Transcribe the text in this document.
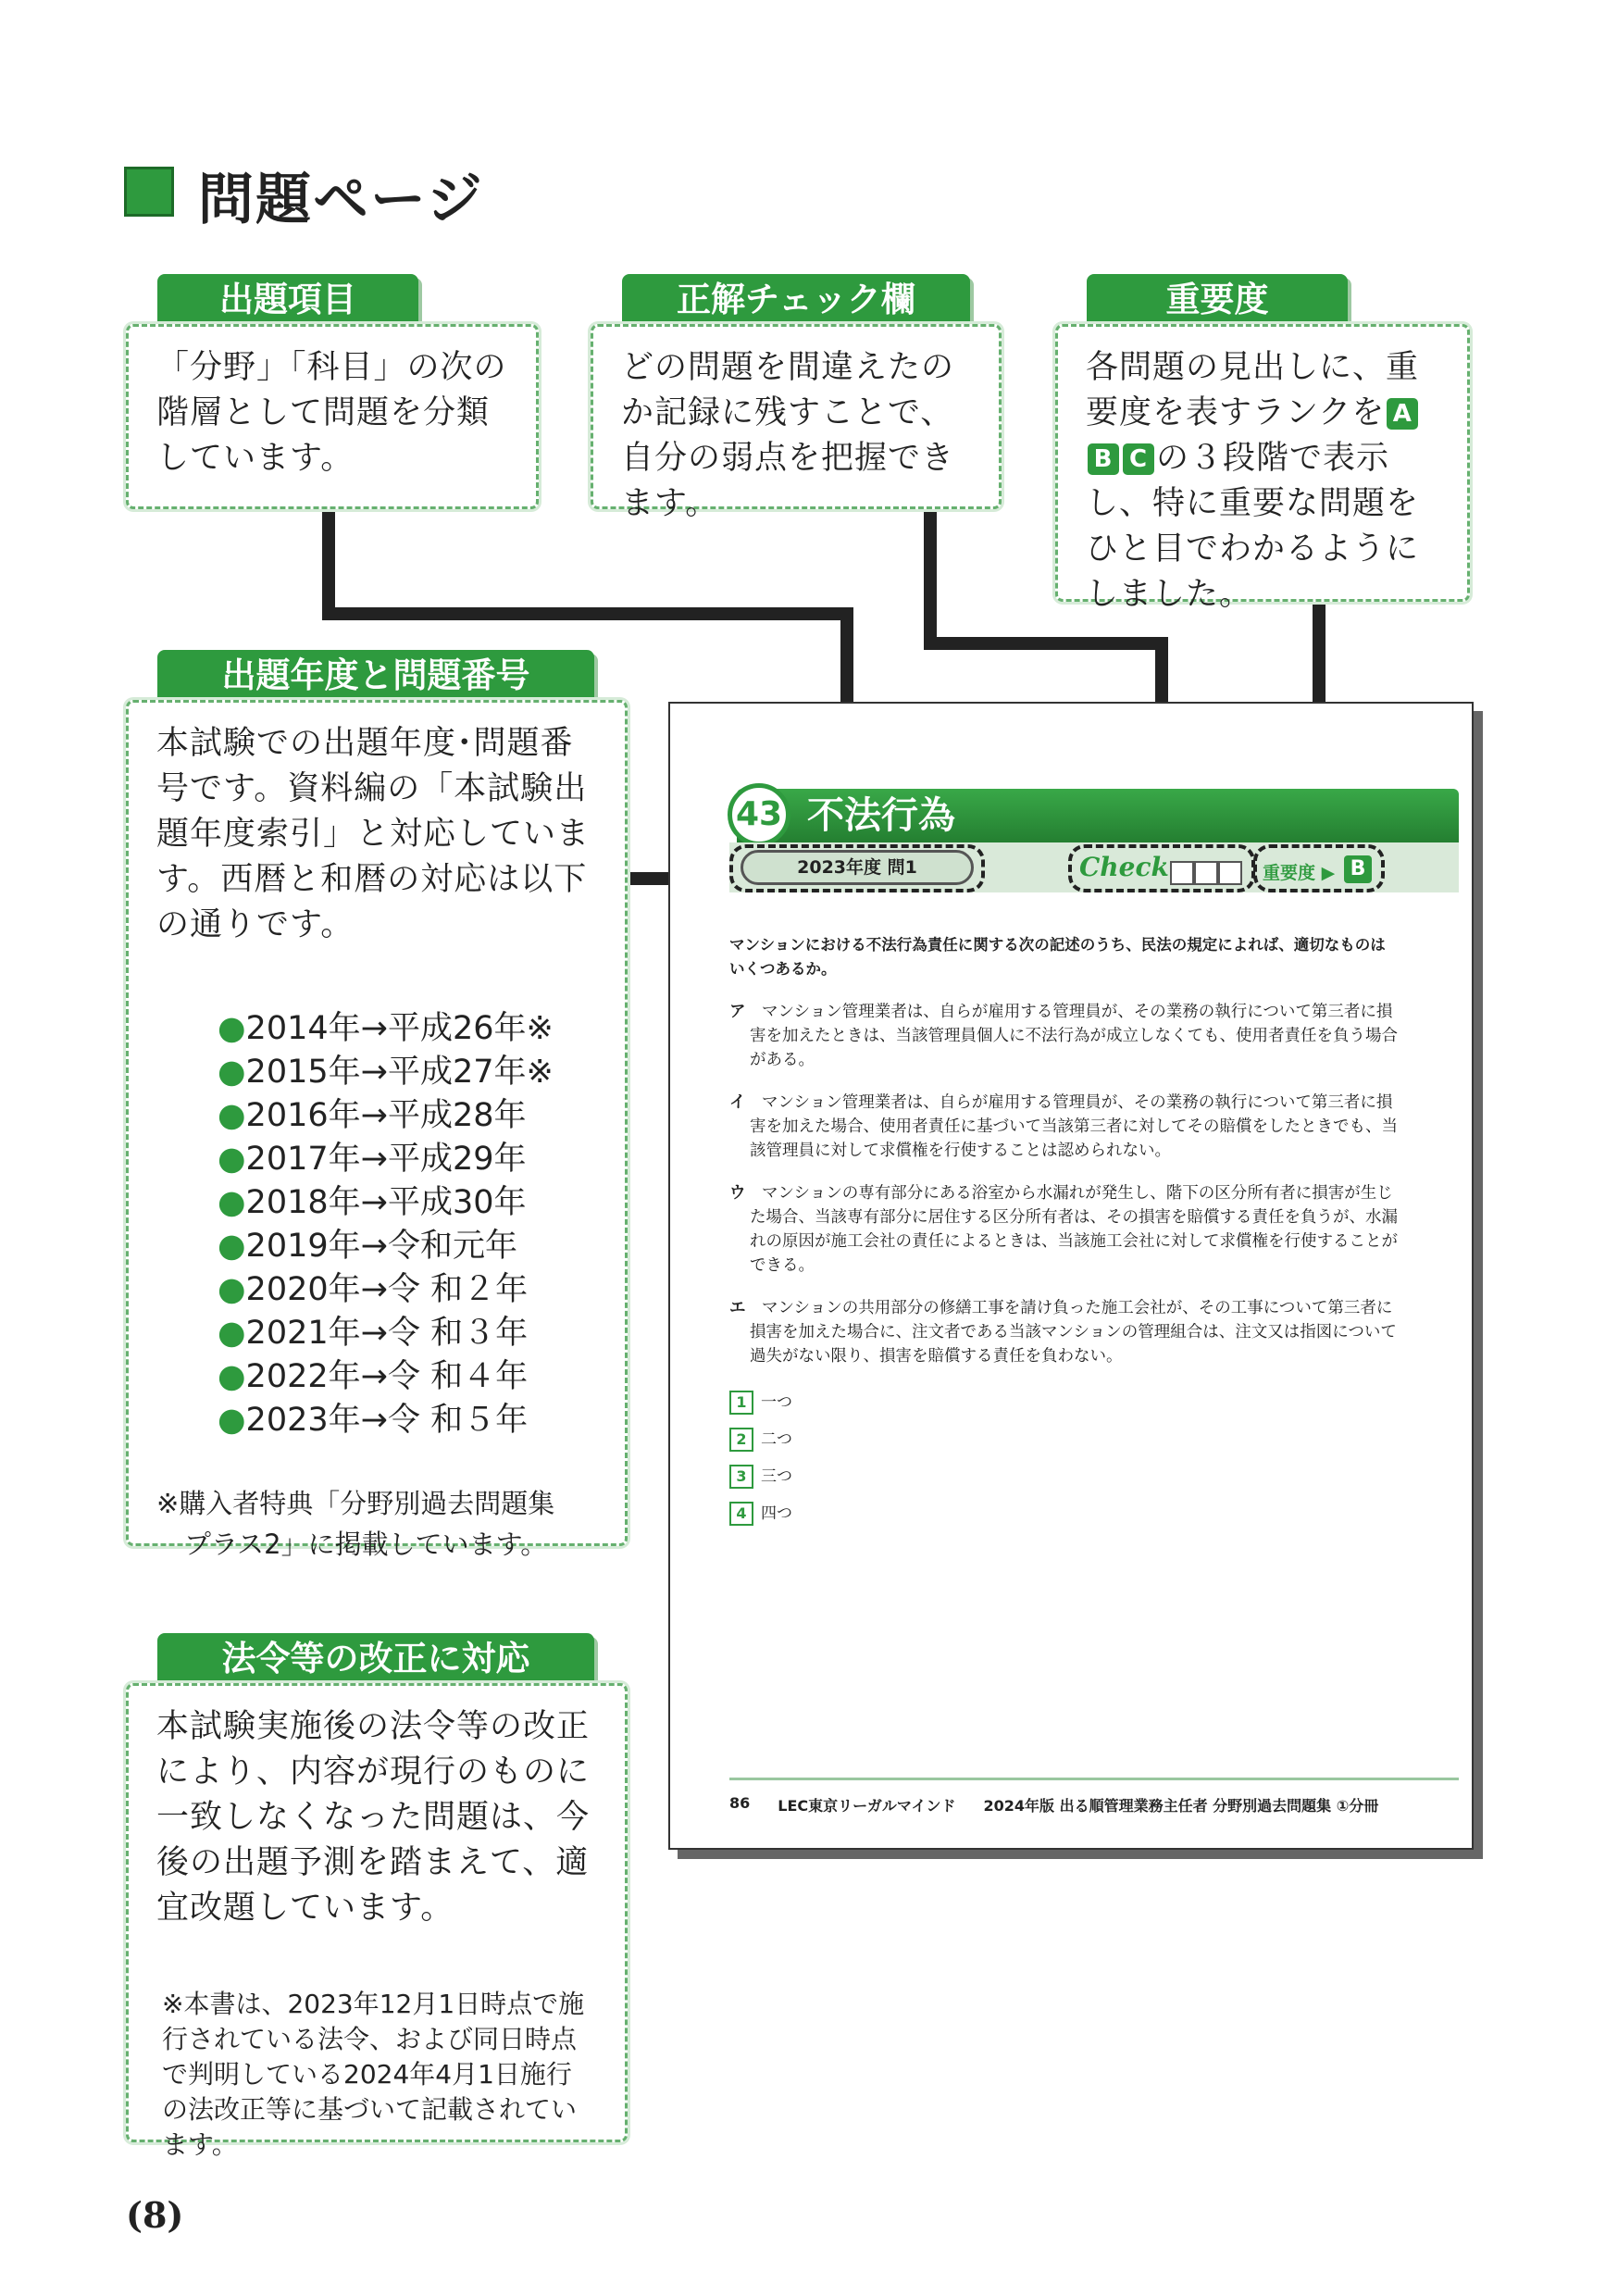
問題ページ
出題項目
「分野」「科目」の次の階層として問題を分類しています。
正解チェック欄
どの問題を間違えたのか記録に残すことで、自分の弱点を把握できます。
重要度
各問題の見出しに、重要度を表すランクを AB C の３段階で表示し、特に重要な問題をひと目でわかるようにしました。
出題年度と問題番号
本試験での出題年度･問題番号です。資料編の「本試験出題年度索引」と対応しています。西暦と和暦の対応は以下の通りです。
●2014年→平成26年※
●2015年→平成27年※
●2016年→平成28年
●2017年→平成29年
●2018年→平成30年
●2019年→令和元年
●2020年→令 和２年
●2021年→令 和３年
●2022年→令 和４年
●2023年→令 和５年
※購入者特典「分野別過去問題集
プラス2」に掲載しています。
法令等の改正に対応
本試験実施後の法令等の改正により、内容が現行のものに一致しなくなった問題は、今後の出題予測を踏まえて、適宜改題しています。
※本書は、2023年12月1日時点で施行されている法令、および同日時点で判明している2024年4月1日施行の法改正等に基づいて記載されています。
43 不法行為
2023年度 問1	Check	重要度 ▶ B
マンションにおける不法行為責任に関する次の記述のうち、民法の規定によれば、適切なものはいくつあるか。
ア　 マンション管理業者は、自らが雇用する管理員が、その業務の執行について第三者に損害を加えたときは、当該管理員個人に不法行為が成立しなくても、使用者責任を負う場合がある。
イ　 マンション管理業者は、自らが雇用する管理員が、その業務の執行について第三者に損害を加えた場合、使用者責任に基づいて当該第三者に対してその賠償をしたときでも、当該管理員に対して求償権を行使することは認められない。
ウ　 マンションの専有部分にある浴室から水漏れが発生し、階下の区分所有者に損害が生じた場合、当該専有部分に居住する区分所有者は、その損害を賠償する責任を負うが、水漏れの原因が施工会社の責任によるときは、当該施工会社に対して求償権を行使することができる。
エ　 マンションの共用部分の修繕工事を請け負った施工会社が、その工事について第三者に損害を加えた場合に、注文者である当該マンションの管理組合は、注文又は指図について過失がない限り、損害を賠償する責任を負わない。
1 一つ
2 二つ
3 三つ
4 四つ
86 LEC東京リーガルマインド 2024年版 出る順管理業務主任者 分野別過去問題集 ①分冊
(8)
